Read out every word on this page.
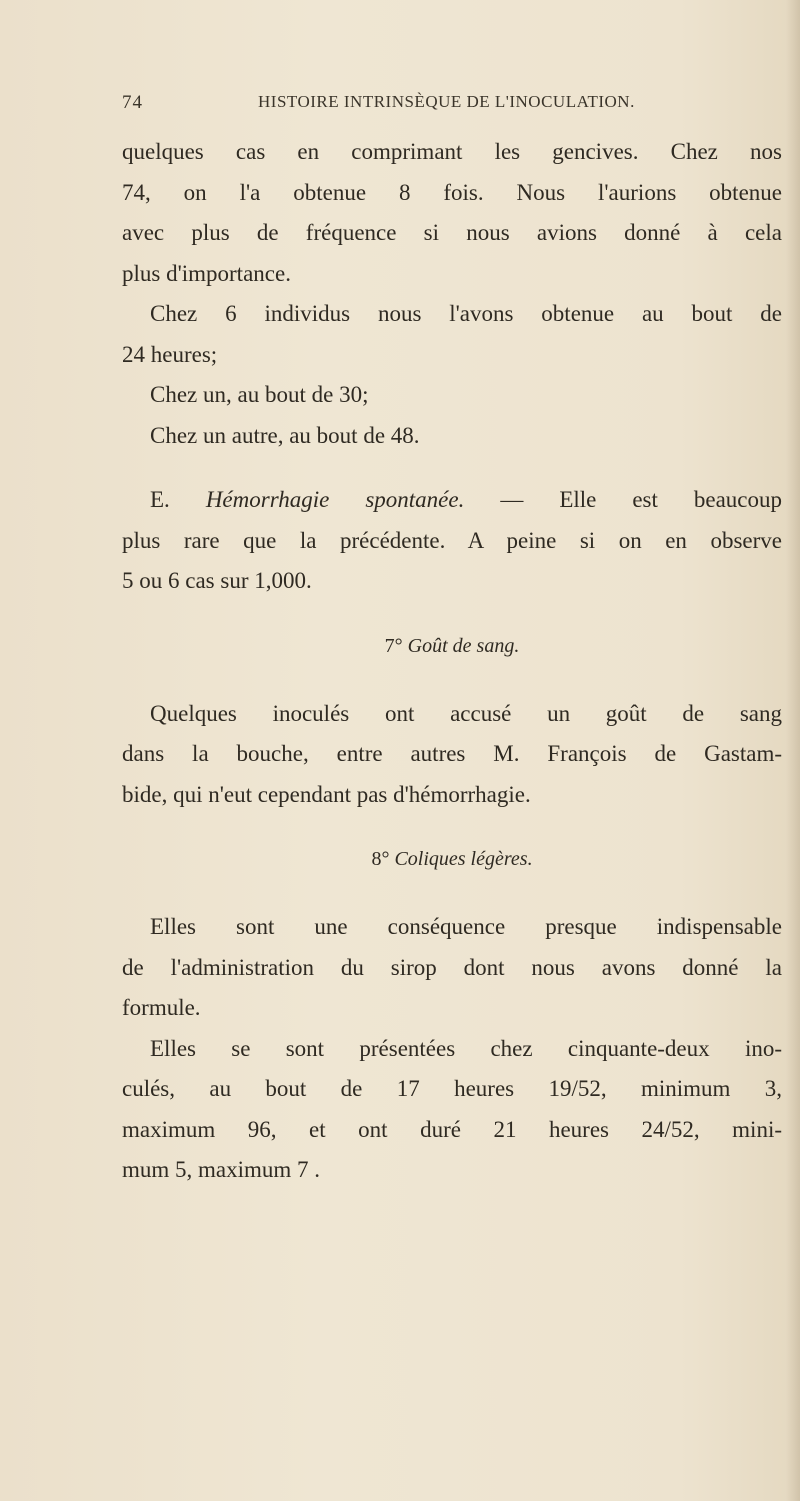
74	HISTOIRE INTRINSÈQUE DE L'INOCULATION.
quelques cas en comprimant les gencives. Chez nos
74, on l'a obtenue 8 fois. Nous l'aurions obtenue
avec plus de fréquence si nous avions donné à cela
plus d'importance.
Chez 6 individus nous l'avons obtenue au bout de
24 heures;
Chez un, au bout de 30;
Chez un autre, au bout de 48.
E. Hémorrhagie spontanée. — Elle est beaucoup
plus rare que la précédente. A peine si on en observe
5 ou 6 cas sur 1,000.
7° Goût de sang.
Quelques inoculés ont accusé un goût de sang
dans la bouche, entre autres M. François de Gastam-
bide, qui n'eut cependant pas d'hémorrhagie.
8° Coliques légères.
Elles sont une conséquence presque indispensable
de l'administration du sirop dont nous avons donné la
formule.
Elles se sont présentées chez cinquante-deux ino-
culés, au bout de 17 heures 19/52, minimum 3,
maximum 96, et ont duré 21 heures 24/52, mini-
mum 5, maximum 7 .
